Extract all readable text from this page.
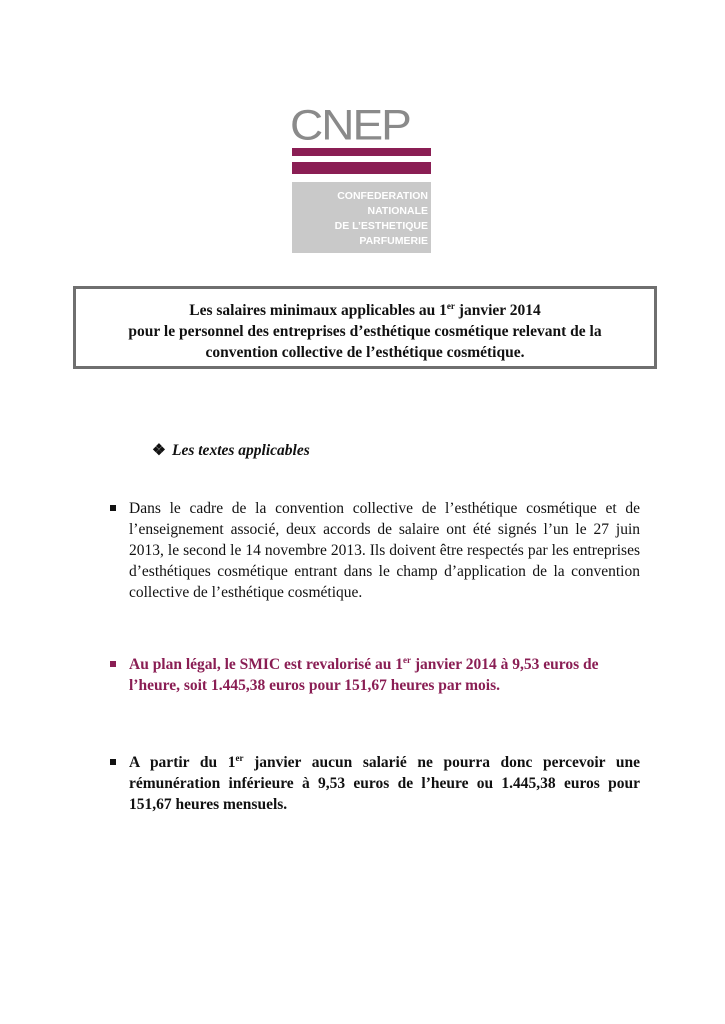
CNEP
CONFEDERATION
NATIONALE
DE L’ESTHETIQUE
PARFUMERIE
Les salaires minimaux applicables au 1er janvier 2014
pour le personnel des entreprises d’esthétique cosmétique relevant de la
convention collective de l’esthétique cosmétique.
❖ Les textes applicables
Dans le cadre de la convention collective de l’esthétique cosmétique et de l’enseignement associé, deux accords de salaire ont été signés l’un le 27 juin 2013, le second le 14 novembre 2013. Ils doivent être respectés par les entreprises d’esthétiques cosmétique entrant dans le champ d’application de la convention collective de l’esthétique cosmétique.
Au plan légal, le SMIC est revalorisé au 1er janvier 2014 à 9,53 euros de l’heure, soit 1.445,38 euros pour 151,67 heures par mois.
A partir du 1er janvier aucun salarié ne pourra donc percevoir une rémunération inférieure à 9,53 euros de l’heure ou 1.445,38 euros pour 151,67 heures mensuels.
